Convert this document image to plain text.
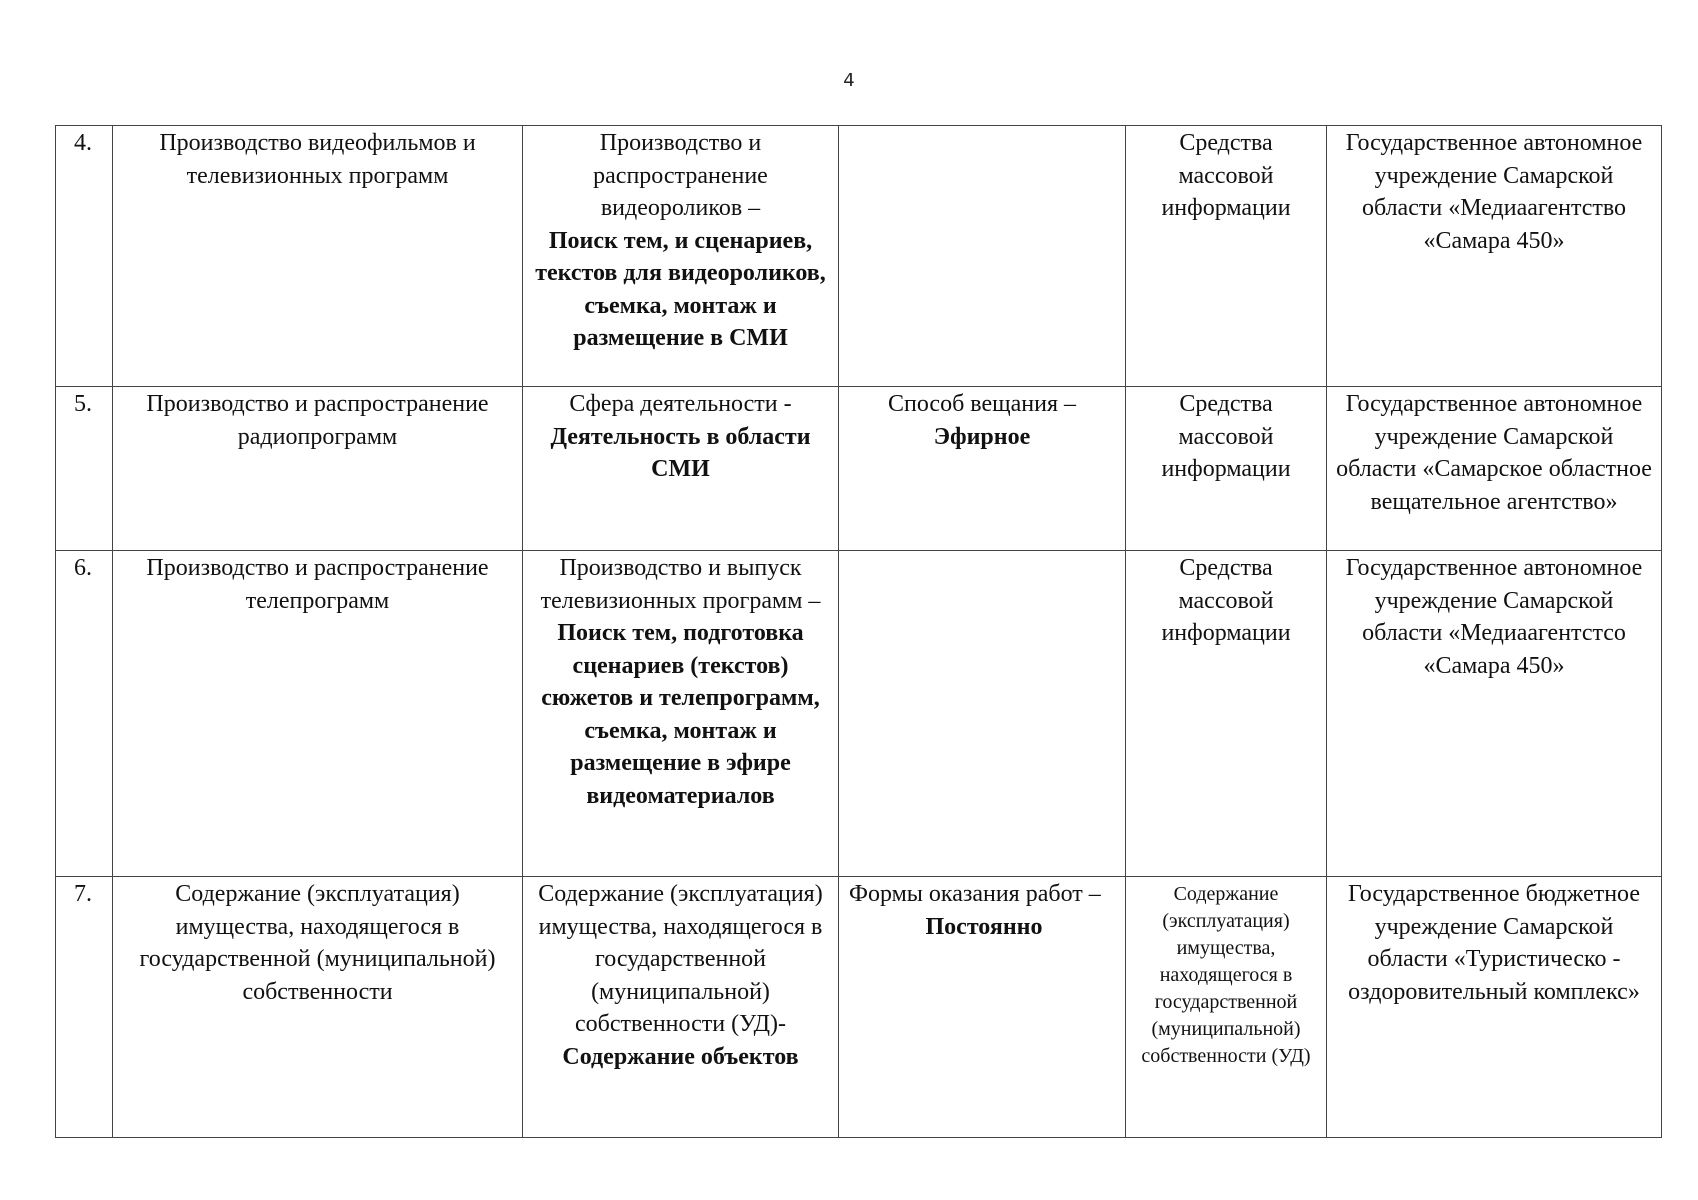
4
4.	Производство видеофильмов и телевизионных программ	Производство и распространение видеороликов –
Поиск тем, и сценариев, текстов для видеороликов, съемка, монтаж и размещение в СМИ		Средства массовой информации	Государственное автономное учреждение Самарской области «Медиаагентство «Самара 450»
5.	Производство и распространение радиопрограмм	Сфера деятельности -
Деятельность в области СМИ	Способ вещания –
Эфирное	Средства массовой информации	Государственное автономное учреждение Самарской области «Самарское областное вещательное агентство»
6.	Производство и распространение телепрограмм	Производство и выпуск телевизионных программ –
Поиск тем, подготовка сценариев (текстов) сюжетов и телепрограмм, съемка, монтаж и размещение в эфире видеоматериалов		Средства массовой информации	Государственное автономное учреждение Самарской области «Медиаагентстсо «Самара 450»
7.	Содержание (эксплуатация) имущества, находящегося в государственной (муниципальной) собственности	Содержание (эксплуатация) имущества, находящегося в государственной (муниципальной) собственности (УД)-
Содержание объектов	Формы оказания работ –
Постоянно	Содержание (эксплуатация) имущества, находящегося в государственной (муниципальной) собственности (УД)	Государственное бюджетное учреждение Самарской области «Туристическо - оздоровительный комплекс»
